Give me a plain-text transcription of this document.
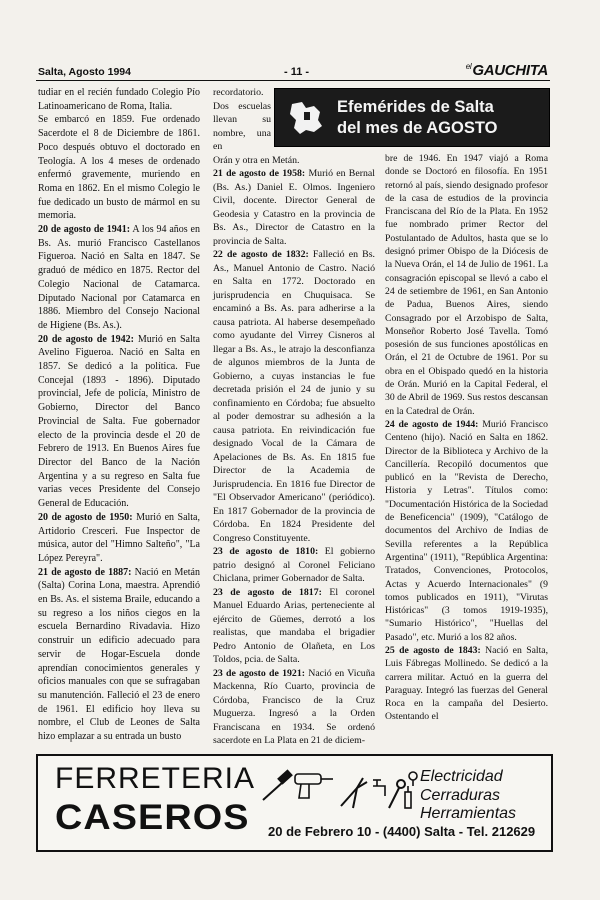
Salta, Agosto 1994	- 11 -	$^{el}$GAUCHITA
Efemérides de Salta
del mes de AGOSTO

tudiar en el recién fundado Colegio Pío Latinoamericano de Roma, Italia.

Se embarcó en 1859. Fue ordenado Sacerdote el 8 de Diciembre de 1861. Poco después obtuvo el doctorado en Teología. A los 4 meses de ordenado enfermó gravemente, muriendo en Roma en 1862. En el mismo Colegio le fue dedicado un busto de mármol en su memoria.

20 de agosto de 1941: A los 94 años en Bs. As. murió Francisco Castellanos Figueroa. Nació en Salta en 1847. Se graduó de médico en 1875. Rector del Colegio Nacional de Catamarca. Diputado Nacional por Catamarca en 1886. Miembro del Consejo Nacional de Higiene (Bs. As.).

20 de agosto de 1942: Murió en Salta Avelino Figueroa. Nació en Salta en 1857. Se dedicó a la política. Fue Concejal (1893 - 1896). Diputado provincial, Jefe de policía, Ministro de Gobierno, Director del Banco Provincial de Salta. Fue gobernador electo de la provincia desde el 20 de Febrero de 1913. En Buenos Aires fue Director del Banco de la Nación Argentina y a su regreso en Salta fue varias veces Presidente del Consejo General de Educación.

20 de agosto de 1950: Murió en Salta, Artidorio Cresceri. Fue Inspector de música, autor del "Himno Salteño", "La López Pereyra".

21 de agosto de 1887: Nació en Metán (Salta) Corina Lona, maestra. Aprendió en Bs. As. el sistema Braile, educando a su regreso a los niños ciegos en la escuela Bernardino Rivadavia. Hizo construir un edificio adecuado para servir de Hogar-Escuela donde aprendían conocimientos generales y oficios manuales con que se sufragaban su manutención. Falleció el 23 de enero de 1961. El edificio hoy lleva su nombre, el Club de Leones de Salta hizo emplazar a su entrada un busto

recordatorio. Dos escuelas llevan su nombre, una en

Orán y otra en Metán.

21 de agosto de 1958: Murió en Bernal (Bs. As.) Daniel E. Olmos. Ingeniero Civil, docente. Director General de Geodesia y Catastro en la provincia de Bs. As., Director de Catastro en la provincia de Salta.

22 de agosto de 1832: Falleció en Bs. As., Manuel Antonio de Castro. Nació en Salta en 1772. Doctorado en jurisprudencia en Chuquisaca. Se encaminó a Bs. As. para adherirse a la causa patriota. Al haberse desempeñado como ayudante del Virrey Cisneros al llegar a Bs. As., le atrajo la desconfianza de algunos miembros de la Junta de Gobierno, a cuyas instancias le fue decretada prisión el 24 de junio y su confinamiento en Córdoba; fue absuelto al poder demostrar su adhesión a la causa patriota. En reivindicación fue designado Vocal de la Cámara de Apelaciones de Bs. As. En 1815 fue Director de la Academia de Jurisprudencia. En 1816 fue Director de "El Observador Americano" (periódico). En 1817 Gobernador de la provincia de Córdoba. En 1824 Presidente del Congreso Constituyente.

23 de agosto de 1810: El gobierno patrio designó al Coronel Feliciano Chiclana, primer Gobernador de Salta.

23 de agosto de 1817: El coronel Manuel Eduardo Arias, perteneciente al ejército de Güemes, derrotó a los realistas, que mandaba el brigadier Pedro Antonio de Olañeta, en Los Toldos, pcia. de Salta.

23 de agosto de 1921: Nació en Vicuña Mackenna, Río Cuarto, provincia de Córdoba, Francisco de la Cruz Muguerza. Ingresó a la Orden Franciscana en 1934. Se ordenó sacerdote en La Plata en 21 de diciem-

bre de 1946. En 1947 viajó a Roma donde se Doctoró en filosofía. En 1951 retornó al país, siendo designado profesor de la casa de estudios de la provincia Franciscana del Río de la Plata. En 1952 fue nombrado primer Rector del Postulantado de Adultos, hasta que se lo designó primer Obispo de la Diócesis de la Nueva Orán, el 14 de Julio de 1961. La consagración episcopal se llevó a cabo el 24 de setiembre de 1961, en San Antonio de Padua, Buenos Aires, siendo Consagrado por el Arzobispo de Salta, Monseñor Roberto José Tavella. Tomó posesión de sus funciones apostólicas en Orán, el 21 de Octubre de 1961. Por su obra en el Obispado quedó en la historia de Orán. Murió en la Capital Federal, el 30 de Abril de 1969. Sus restos descansan en la Catedral de Orán.

24 de agosto de 1944: Murió Francisco Centeno (hijo). Nació en Salta en 1862. Director de la Biblioteca y Archivo de la Cancillería. Recopiló documentos que publicó en la "Revista de Derecho, Historia y Letras". Títulos como: "Documentación Histórica de la Sociedad de Beneficencia" (1909), "Catálogo de documentos del Archivo de Indias de Sevilla referentes a la República Argentina" (1911), "República Argentina: Tratados, Convenciones, Protocolos, Actas y Acuerdo Internacionales" (9 tomos publicados en 1911), "Virutas Históricas" (3 tomos 1919-1935), "Sumario Histórico", "Huellas del Pasado", etc. Murió a los 82 años.

25 de agosto de 1843: Nació en Salta, Luis Fábregas Mollinedo. Se dedicó a la carrera militar. Actuó en la guerra del Paraguay. Integró las fuerzas del General Roca en la campaña del Desierto. Ostentando el

FERRETERIA
CASEROS
Electricidad
Cerraduras
Herramientas
20 de Febrero 10 - (4400) Salta - Tel. 212629
